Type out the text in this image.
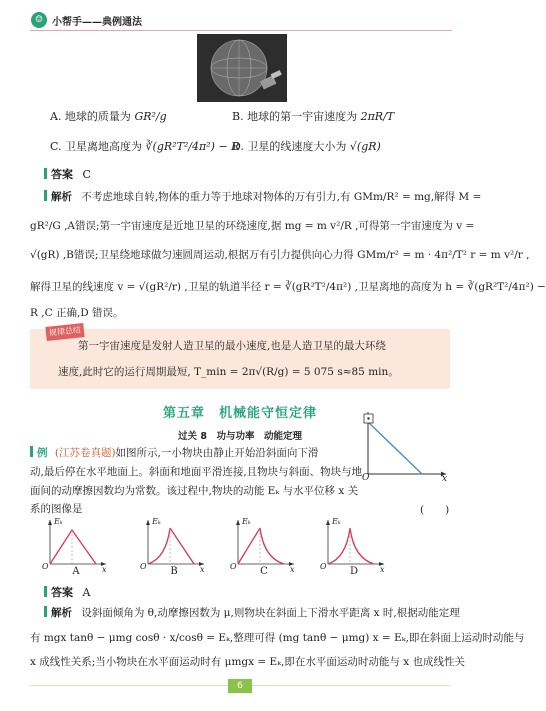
☺ 小帮手——典例通法
A. 地球的质量为 GR²/g	B. 地球的第一宇宙速度为 2πR/T
C. 卫星离地高度为 ∛(gR²T²/4π²) − R
D. 卫星的线速度大小为 √(gR)
答案 C
解析 不考虑地球自转,物体的重力等于地球对物体的万有引力,有 GMm/R² = mg,解得 M =
gR²/G ,A错误;第一宇宙速度是近地卫星的环绕速度,据 mg = m v²/R ,可得第一宇宙速度为 v =
√(gR) ,B错误;卫星绕地球做匀速圆周运动,根据万有引力提供向心力得 GMm/r² = m · 4π²/T² r = m v²/r ,
解得卫星的线速度 v = √(gR²/r) ,卫星的轨道半径 r = ∛(gR²T²/4π²) ,卫星离地的高度为 h = ∛(gR²T²/4π²) −
R ,C 正确,D 错误。
规律总结
第一宇宙速度是发射人造卫星的最小速度,也是人造卫星的最大环绕
速度,此时它的运行周期最短, T_min = 2π√(R/g) = 5 075 s≈85 min。
第五章　机械能守恒定律
过关 8　功与功率　动能定理
例 (江苏卷真题)如图所示,一小物块由静止开始沿斜面向下滑
动,最后停在水平地面上。斜面和地面平滑连接,且物块与斜面、物块与地
面间的动摩擦因数均为常数。该过程中,物块的动能 Eₖ 与水平位移 x 关
系的图像是	(　　)
O	x
Eₖ
O	x
A
Eₖ
O	x
B
Eₖ
O	x
C
Eₖ
O	x
D
答案 A
解析 设斜面倾角为 θ,动摩擦因数为 μ,则物块在斜面上下滑水平距离 x 时,根据动能定理
有 mgx tanθ − μmg cosθ · x/cosθ = Eₖ,整理可得 (mg tanθ − μmg) x = Eₖ,即在斜面上运动时动能与
x 成线性关系;当小物块在水平面运动时有 μmgx = Eₖ,即在水平面运动时动能与 x 也成线性关
6
